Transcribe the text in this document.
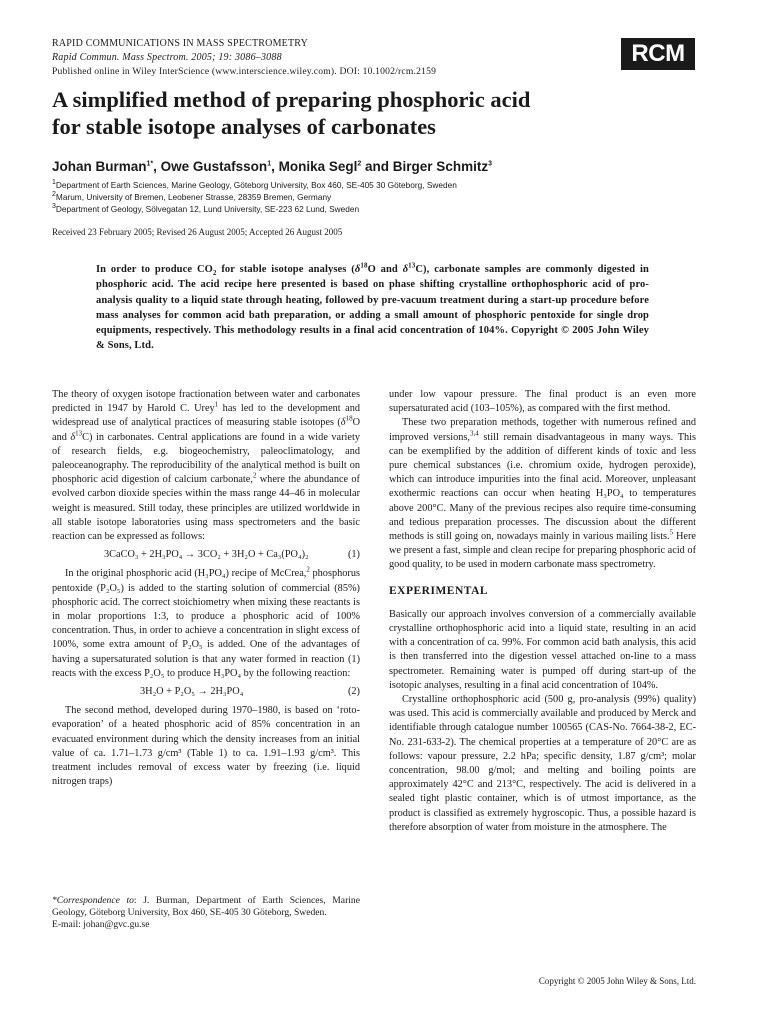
RAPID COMMUNICATIONS IN MASS SPECTROMETRY
Rapid Commun. Mass Spectrom. 2005; 19: 3086–3088
Published online in Wiley InterScience (www.interscience.wiley.com). DOI: 10.1002/rcm.2159
RCM
A simplified method of preparing phosphoric acid
for stable isotope analyses of carbonates
Johan Burman$^{1*}$, Owe Gustafsson$^1$, Monika Segl$^2$ and Birger Schmitz$^3$
$^1$Department of Earth Sciences, Marine Geology, Göteborg University, Box 460, SE-405 30 Göteborg, Sweden
$^2$Marum, University of Bremen, Leobener Strasse, 28359 Bremen, Germany
$^3$Department of Geology, Sölvegatan 12, Lund University, SE-223 62 Lund, Sweden
Received 23 February 2005; Revised 26 August 2005; Accepted 26 August 2005
In order to produce $CO_2$ for stable isotope analyses ($\delta^{18}O$ and $\delta^{13}C$), carbonate samples are commonly digested in phosphoric acid. The acid recipe here presented is based on phase shifting crystalline orthophosphoric acid of pro-analysis quality to a liquid state through heating, followed by pre-vacuum treatment during a start-up procedure before mass analyses for common acid bath preparation, or adding a small amount of phosphoric pentoxide for single drop equipments, respectively. This methodology results in a final acid concentration of 104%. Copyright © 2005 John Wiley & Sons, Ltd.

The theory of oxygen isotope fractionation between water and carbonates predicted in 1947 by Harold C. Urey$^1$ has led to the development and widespread use of analytical practices of measuring stable isotopes ($\delta^{18}O$ and $\delta^{13}C$) in carbonates. Central applications are found in a wide variety of research fields, e.g. biogeochemistry, paleoclimatology, and paleoceanography. The reproducibility of the analytical method is built on phosphoric acid digestion of calcium carbonate,$^2$ where the abundance of evolved carbon dioxide species within the mass range 44–46 in molecular weight is measured. Still today, these principles are utilized worldwide in all stable isotope laboratories using mass spectrometers and the basic reaction can be expressed as follows:

3CaCO₃ + 2H₃PO₄ → 3CO₂ + 3H₂O + Ca₃(PO₄)₂	(1)

In the original phosphoric acid (H₃PO₄) recipe of McCrea,$^2$ phosphorus pentoxide (P₂O₅) is added to the starting solution of commercial (85%) phosphoric acid. The correct stoichiometry when mixing these reactants is in molar proportions 1:3, to produce a phosphoric acid of 100% concentration. Thus, in order to achieve a concentration in slight excess of 100%, some extra amount of P₂O₅ is added. One of the advantages of having a supersaturated solution is that any water formed in reaction (1) reacts with the excess P₂O₅ to produce H₃PO₄ by the following reaction:

3H₂O + P₂O₅ → 2H₃PO₄	(2)

The second method, developed during 1970–1980, is based on ‘roto-evaporation’ of a heated phosphoric acid of 85% concentration in an evacuated environment during which the density increases from an initial value of ca. 1.71–1.73 g/cm³ (Table 1) to ca. 1.91–1.93 g/cm³. This treatment includes removal of excess water by freezing (i.e. liquid nitrogen traps)

*Correspondence to: J. Burman, Department of Earth Sciences, Marine Geology, Göteborg University, Box 460, SE-405 30 Göteborg, Sweden.
E-mail: johan@gvc.gu.se

under low vapour pressure. The final product is an even more supersaturated acid (103–105%), as compared with the first method.

These two preparation methods, together with numerous refined and improved versions,$^{3,4}$ still remain disadvantageous in many ways. This can be exemplified by the addition of different kinds of toxic and less pure chemical substances (i.e. chromium oxide, hydrogen peroxide), which can introduce impurities into the final acid. Moreover, unpleasant exothermic reactions can occur when heating H₃PO₄ to temperatures above 200°C. Many of the previous recipes also require time-consuming and tedious preparation processes. The discussion about the different methods is still going on, nowadays mainly in various mailing lists.$^5$ Here we present a fast, simple and clean recipe for preparing phosphoric acid of good quality, to be used in modern carbonate mass spectrometry.

EXPERIMENTAL

Basically our approach involves conversion of a commercially available crystalline orthophosphoric acid into a liquid state, resulting in an acid with a concentration of ca. 99%. For common acid bath analysis, this acid is then transferred into the digestion vessel attached on-line to a mass spectrometer. Remaining water is pumped off during start-up of the isotopic analyses, resulting in a final acid concentration of 104%.

Crystalline orthophosphoric acid (500 g, pro-analysis (99%) quality) was used. This acid is commercially available and produced by Merck and identifiable through catalogue number 100565 (CAS-No. 7664-38-2, EC-No. 231-633-2). The chemical properties at a temperature of 20°C are as follows: vapour pressure, 2.2 hPa; specific density, 1.87 g/cm³; molar concentration, 98.00 g/mol; and melting and boiling points are approximately 42°C and 213°C, respectively. The acid is delivered in a sealed tight plastic container, which is of utmost importance, as the product is classified as extremely hygroscopic. Thus, a possible hazard is therefore absorption of water from moisture in the atmosphere. The

Copyright © 2005 John Wiley & Sons, Ltd.
